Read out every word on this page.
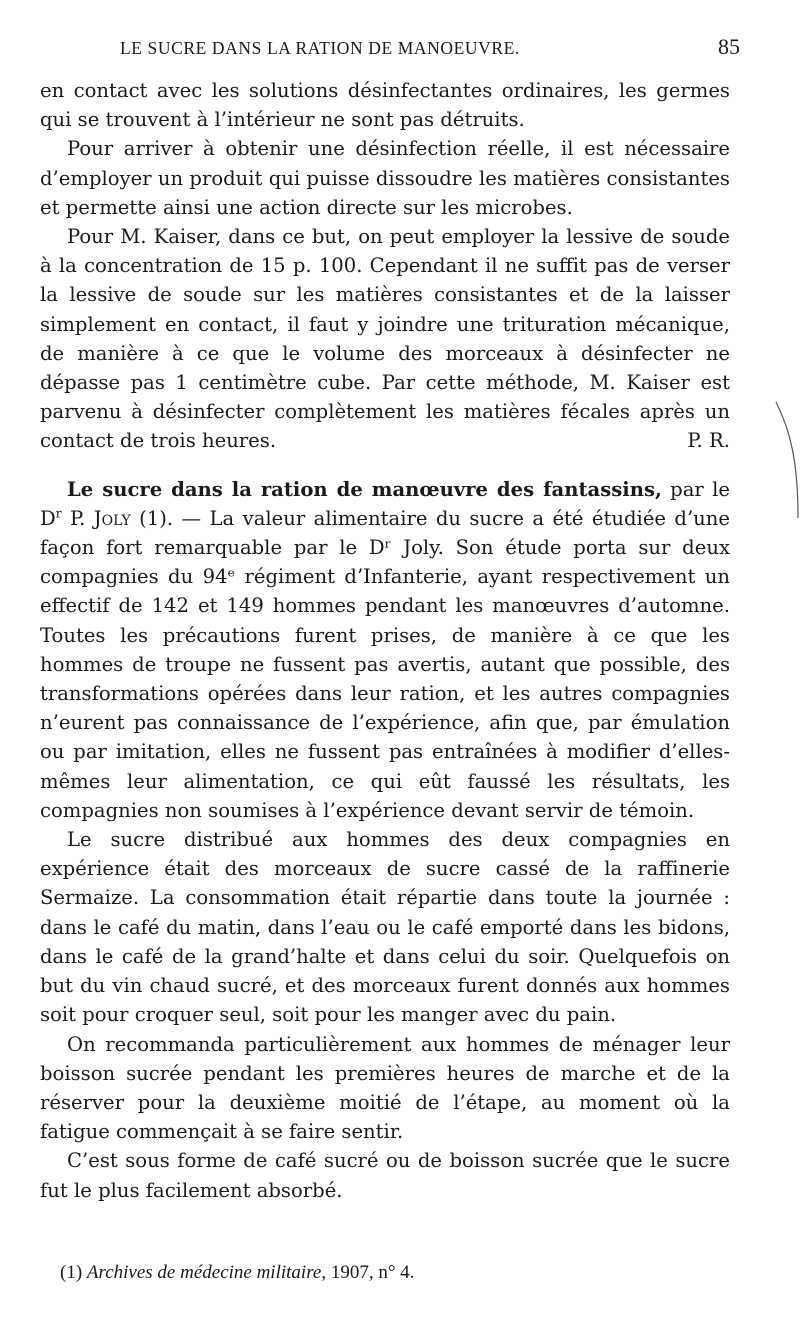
LE SUCRE DANS LA RATION DE MANOEUVRE.	85

en contact avec les solutions désinfectantes ordinaires, les germes qui se trouvent à l’intérieur ne sont pas détruits.

Pour arriver à obtenir une désinfection réelle, il est nécessaire d’employer un produit qui puisse dissoudre les matières consistantes et permette ainsi une action directe sur les microbes.

Pour M. Kaiser, dans ce but, on peut employer la lessive de soude à la concentration de 15 p. 100. Cependant il ne suffit pas de verser la lessive de soude sur les matières consistantes et de la laisser simplement en contact, il faut y joindre une trituration mécanique, de manière à ce que le volume des morceaux à désinfecter ne dépasse pas 1 centimètre cube. Par cette méthode, M. Kaiser est parvenu à désinfecter complètement les matières fécales après un contact de trois heures.	P. R.

Le sucre dans la ration de manœuvre des fantassins, par le $D^r$ P. Joly (1). — La valeur alimentaire du sucre a été étudiée d’une façon fort remarquable par le Dʳ Joly. Son étude porta sur deux compagnies du 94ᵉ régiment d’Infanterie, ayant respectivement un effectif de 142 et 149 hommes pendant les manœuvres d’automne. Toutes les précautions furent prises, de manière à ce que les hommes de troupe ne fussent pas avertis, autant que possible, des transformations opérées dans leur ration, et les autres compagnies n’eurent pas connaissance de l’expérience, afin que, par émulation ou par imitation, elles ne fussent pas entraînées à modifier d’elles-mêmes leur alimentation, ce qui eût faussé les résultats, les compagnies non soumises à l’expérience devant servir de témoin.

Le sucre distribué aux hommes des deux compagnies en expérience était des morceaux de sucre cassé de la raffinerie Sermaize. La consommation était répartie dans toute la journée : dans le café du matin, dans l’eau ou le café emporté dans les bidons, dans le café de la grand’halte et dans celui du soir. Quelquefois on but du vin chaud sucré, et des morceaux furent donnés aux hommes soit pour croquer seul, soit pour les manger avec du pain.

On recommanda particulièrement aux hommes de ménager leur boisson sucrée pendant les premières heures de marche et de la réserver pour la deuxième moitié de l’étape, au moment où la fatigue commençait à se faire sentir.

C’est sous forme de café sucré ou de boisson sucrée que le sucre fut le plus facilement absorbé.

(1) Archives de médecine militaire, 1907, n° 4.
